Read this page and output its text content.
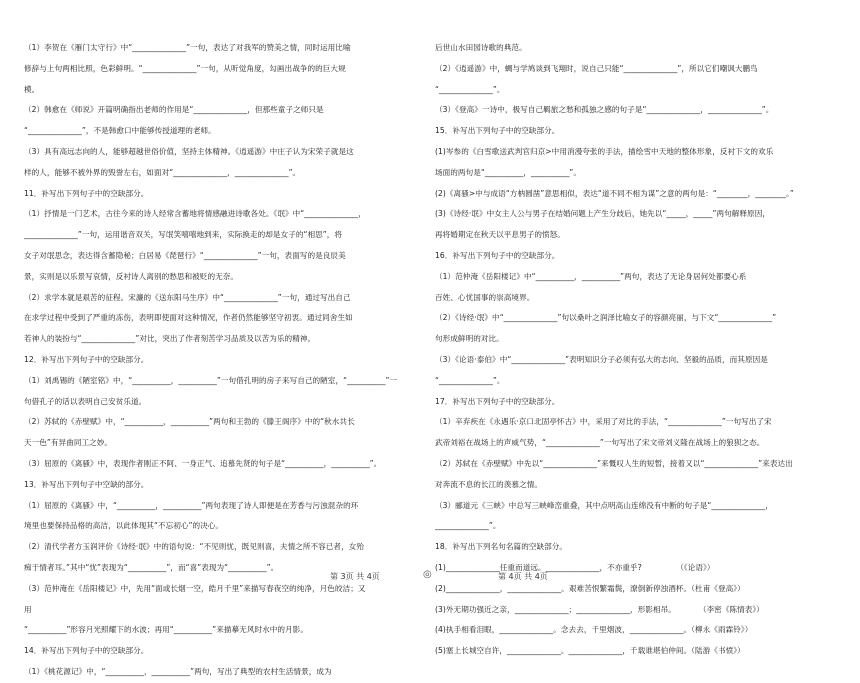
（1）李贺在《雁门太守行》中“______________”一句，表达了对我军的赞美之情，同时运用比喻
修辞与上句两相比照，色彩鲜明。“______________”一句，从听觉角度，勾画出战争的的巨大规
模。
（2）韩愈在《师说》开篇明确指出老师的作用是“______________，但那些童子之师只是
“______________”，不是韩愈口中能够传授道理的老师。
（3）具有高远志向的人，能够超越世俗价值，坚持主体精神。《逍遥游》中庄子认为宋荣子就是这
样的人，能够不被外界的毁誉左右，如面对“______________，______________”。
11．补写出下列句子中的空缺部分。
（1）抒情是一门艺术，古往今来的诗人经常含蓄地将情感融进诗歌各处。《氓》中“______________，
______________”一句，运用谐音双关，写氓笑嘻嘻地到来，实际换走的却是女子的“相思”，将
女子对氓思念，表达得含蓄隐秘；白居易《琵琶行》“______________”一句，表面写的是良辰美
景，实则是以乐景写哀情，反衬诗人离别的愁思和被贬的无奈。
（2）求学本就是艰苦的征程。宋濂的《送东阳马生序》中“______________”一句，通过写出自己
在求学过程中受到了严重的冻伤，表明即使面对这种情况，作者仍然能够坚守初衷。通过同舍生如
若神人的装扮与“______________”对比，突出了作者刻苦学习品质及以苦为乐的精神。
12．补写出下列句子中的空缺部分。
（1）刘禹锡的《陋室铭》中，“__________，__________”一句借孔明的房子来写自己的陋室，“__________”一
句借孔子的话以表明自己安贫乐道。
（2）苏轼的《赤壁赋》中，“__________，__________”两句和王勃的《滕王阁序》中的“秋水共长
天一色”有异曲同工之妙。
（3）屈原的《离骚》中，表现作者刚正不阿、一身正气、追慕先贤的句子是“__________，__________”。
13．补写出下列句子中空缺的部分。
（1）屈原的《离骚》中，“__________，__________”两句表现了诗人即便是在芳香与污浊混杂的环
境里也要保持品格的高洁，以此体现其“不忘初心”的决心。
（2）清代学者方玉润评价《诗经·氓》中的语句说：“不见则忧，既见则喜，夫情之所不容已者，女殆
痴于情者耳。”其中“忧”表现为“__________”，而“喜”表现为“__________”。
（3）范仲淹在《岳阳楼记》中，先用“面或长烟一空，皓月千里”来描写春夜空的纯净，月色皎洁；又
用
“__________”形容月光照耀下的水波；再用“__________”来描摹无风时水中的月影。
14．补写出下列句子中的空缺部分。
（1）《桃花源记》中，“__________，__________”两句，写出了典型的农村生活情景，成为
后世山水田园诗歌的典范。
（2）《逍遥游》中，蜩与学鸠谈到飞翔时，说自己只能“______________”，所以它们嘲讽大鹏鸟
“______________”。
（3）《登高》一诗中，极写自己羁旅之愁和孤独之感的句子是“______________，______________”。
15．补写出下列句子中的空缺部分。
(1)岑参的《白雪歌送武判官归京>中用消漫夸张的手法，描绘雪中天地的整体形象，反衬下文的欢乐
场面的两句是“__________，__________”。
(2)《离骚>中与成语“方枘圆凿”意思相似，表达“道不同不相为谋”之意的两句是：“________，________。”
(3)《诗经·氓》中女主人公与男子在结婚问题上产生分歧后，她先以“_____，_____”两句解释原因，
再将婚期定在秋天以平息男子的愤怒。
16．补写出下列句子中的空缺部分。
（1）范仲淹《岳阳楼记》中“__________，__________”两句，表达了无论身居何处都要心系
百姓、心忧国事的崇高境界。
（2）《诗经·氓》中“______________”句以桑叶之润泽比喻女子的容颜亮丽，与下文“______________”
句形成鲜明的对比。
（3）《论语·泰伯》中“______________”表明知识分子必须有弘大的志向、坚毅的品质，而其原因是
“______________”。
17．补写出下列句子中的空缺部分。
（1）辛弃疾在《永遇乐·京口北固亭怀古》中，采用了对比的手法，“______________”一句写出了宋
武帝刘裕在战场上的声威气势，“______________”一句写出了宋文帝刘义隆在战场上的狼狈之态。
（2）苏轼在《赤壁赋》中先以“______________”来慨叹人生的短暂，接着又以“______________”来表达出
对奔流不息的长江的羡慕之情。
（3）郦道元《三峡》中总写三峡峰峦重叠，其中点明高山连绵没有中断的句子是“______________，
______________”。
18．补写出下列名句名篇的空缺部分。
(1)______________任重而道远。______________，不亦重乎?　　　　　（《论语》）
(2)______________，______________。艰难苦恨繁霜鬓，潦倒新停浊酒杯。（杜甫《登高》）
(3)外无期功强近之亲，______________；______________，形影相吊。　　　　（李密《陈情表》）
(4)执手相看泪眼，______________。念去去，千里烟波，______________。（柳永《雨霖铃》）
(5)塞上长城空自许，______________。______________，千载谁堪伯仲间。（陆游《书愤》）
第 3页 共 4页	◎	第 4页 共 4页
